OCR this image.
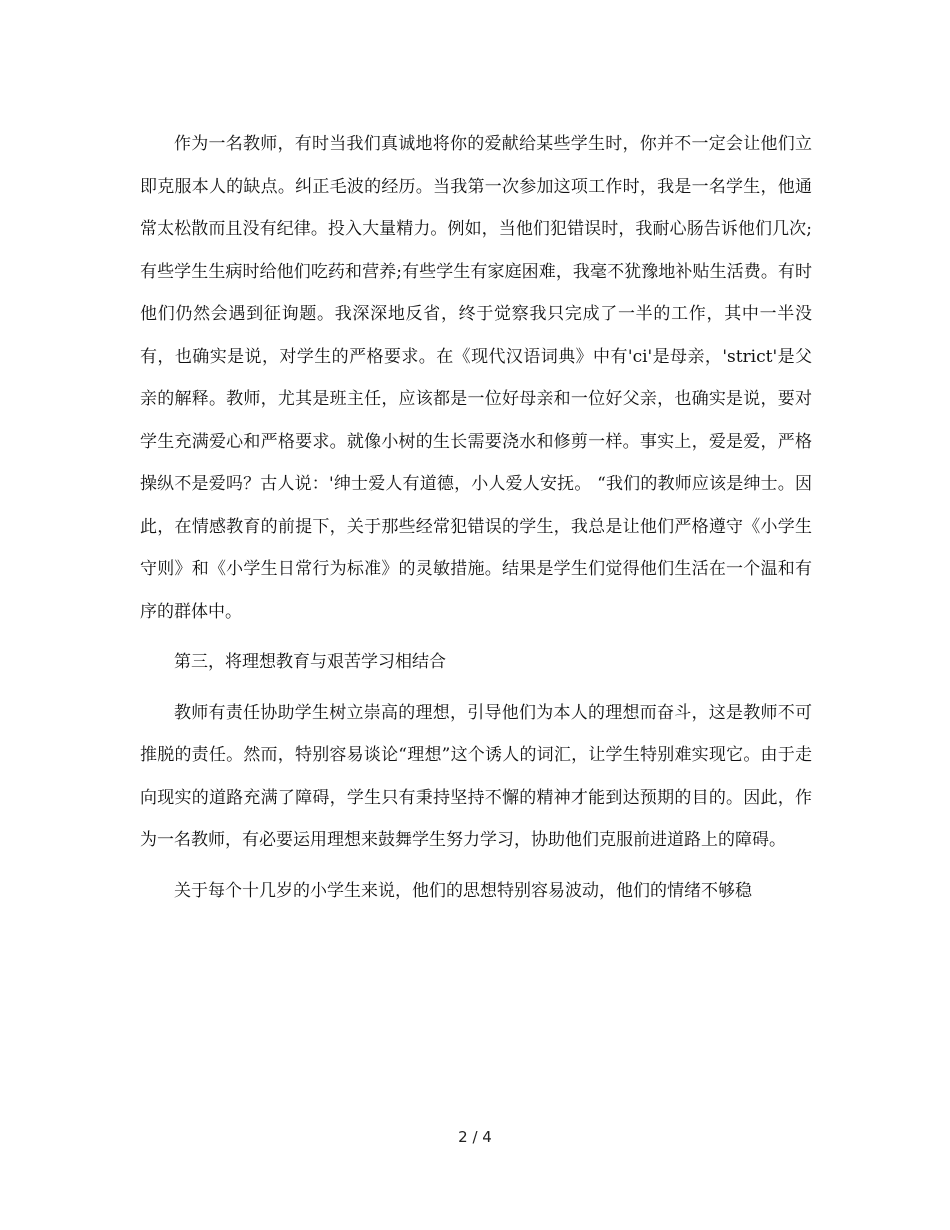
作为一名教师，有时当我们真诚地将你的爱献给某些学生时，你并不一定会让他们立即克服本人的缺点。纠正毛波的经历。当我第一次参加这项工作时，我是一名学生，他通常太松散而且没有纪律。投入大量精力。例如，当他们犯错误时，我耐心肠告诉他们几次;有些学生生病时给他们吃药和营养;有些学生有家庭困难，我毫不犹豫地补贴生活费。有时他们仍然会遇到征询题。我深深地反省，终于觉察我只完成了一半的工作，其中一半没有，也确实是说，对学生的严格要求。在《现代汉语词典》中有'ci'是母亲，'strict'是父亲的解释。教师，尤其是班主任，应该都是一位好母亲和一位好父亲，也确实是说，要对学生充满爱心和严格要求。就像小树的生长需要浇水和修剪一样。事实上，爱是爱，严格操纵不是爱吗？古人说：'绅士爱人有道德，小人爱人安抚。 “我们的教师应该是绅士。因此，在情感教育的前提下，关于那些经常犯错误的学生，我总是让他们严格遵守《小学生守则》和《小学生日常行为标准》的灵敏措施。结果是学生们觉得他们生活在一个温和有序的群体中。

第三，将理想教育与艰苦学习相结合

教师有责任协助学生树立崇高的理想，引导他们为本人的理想而奋斗，这是教师不可推脱的责任。然而，特别容易谈论“理想”这个诱人的词汇，让学生特别难实现它。由于走向现实的道路充满了障碍，学生只有秉持坚持不懈的精神才能到达预期的目的。因此，作为一名教师，有必要运用理想来鼓舞学生努力学习，协助他们克服前进道路上的障碍。

关于每个十几岁的小学生来说，他们的思想特别容易波动，他们的情绪不够稳

2 / 4
